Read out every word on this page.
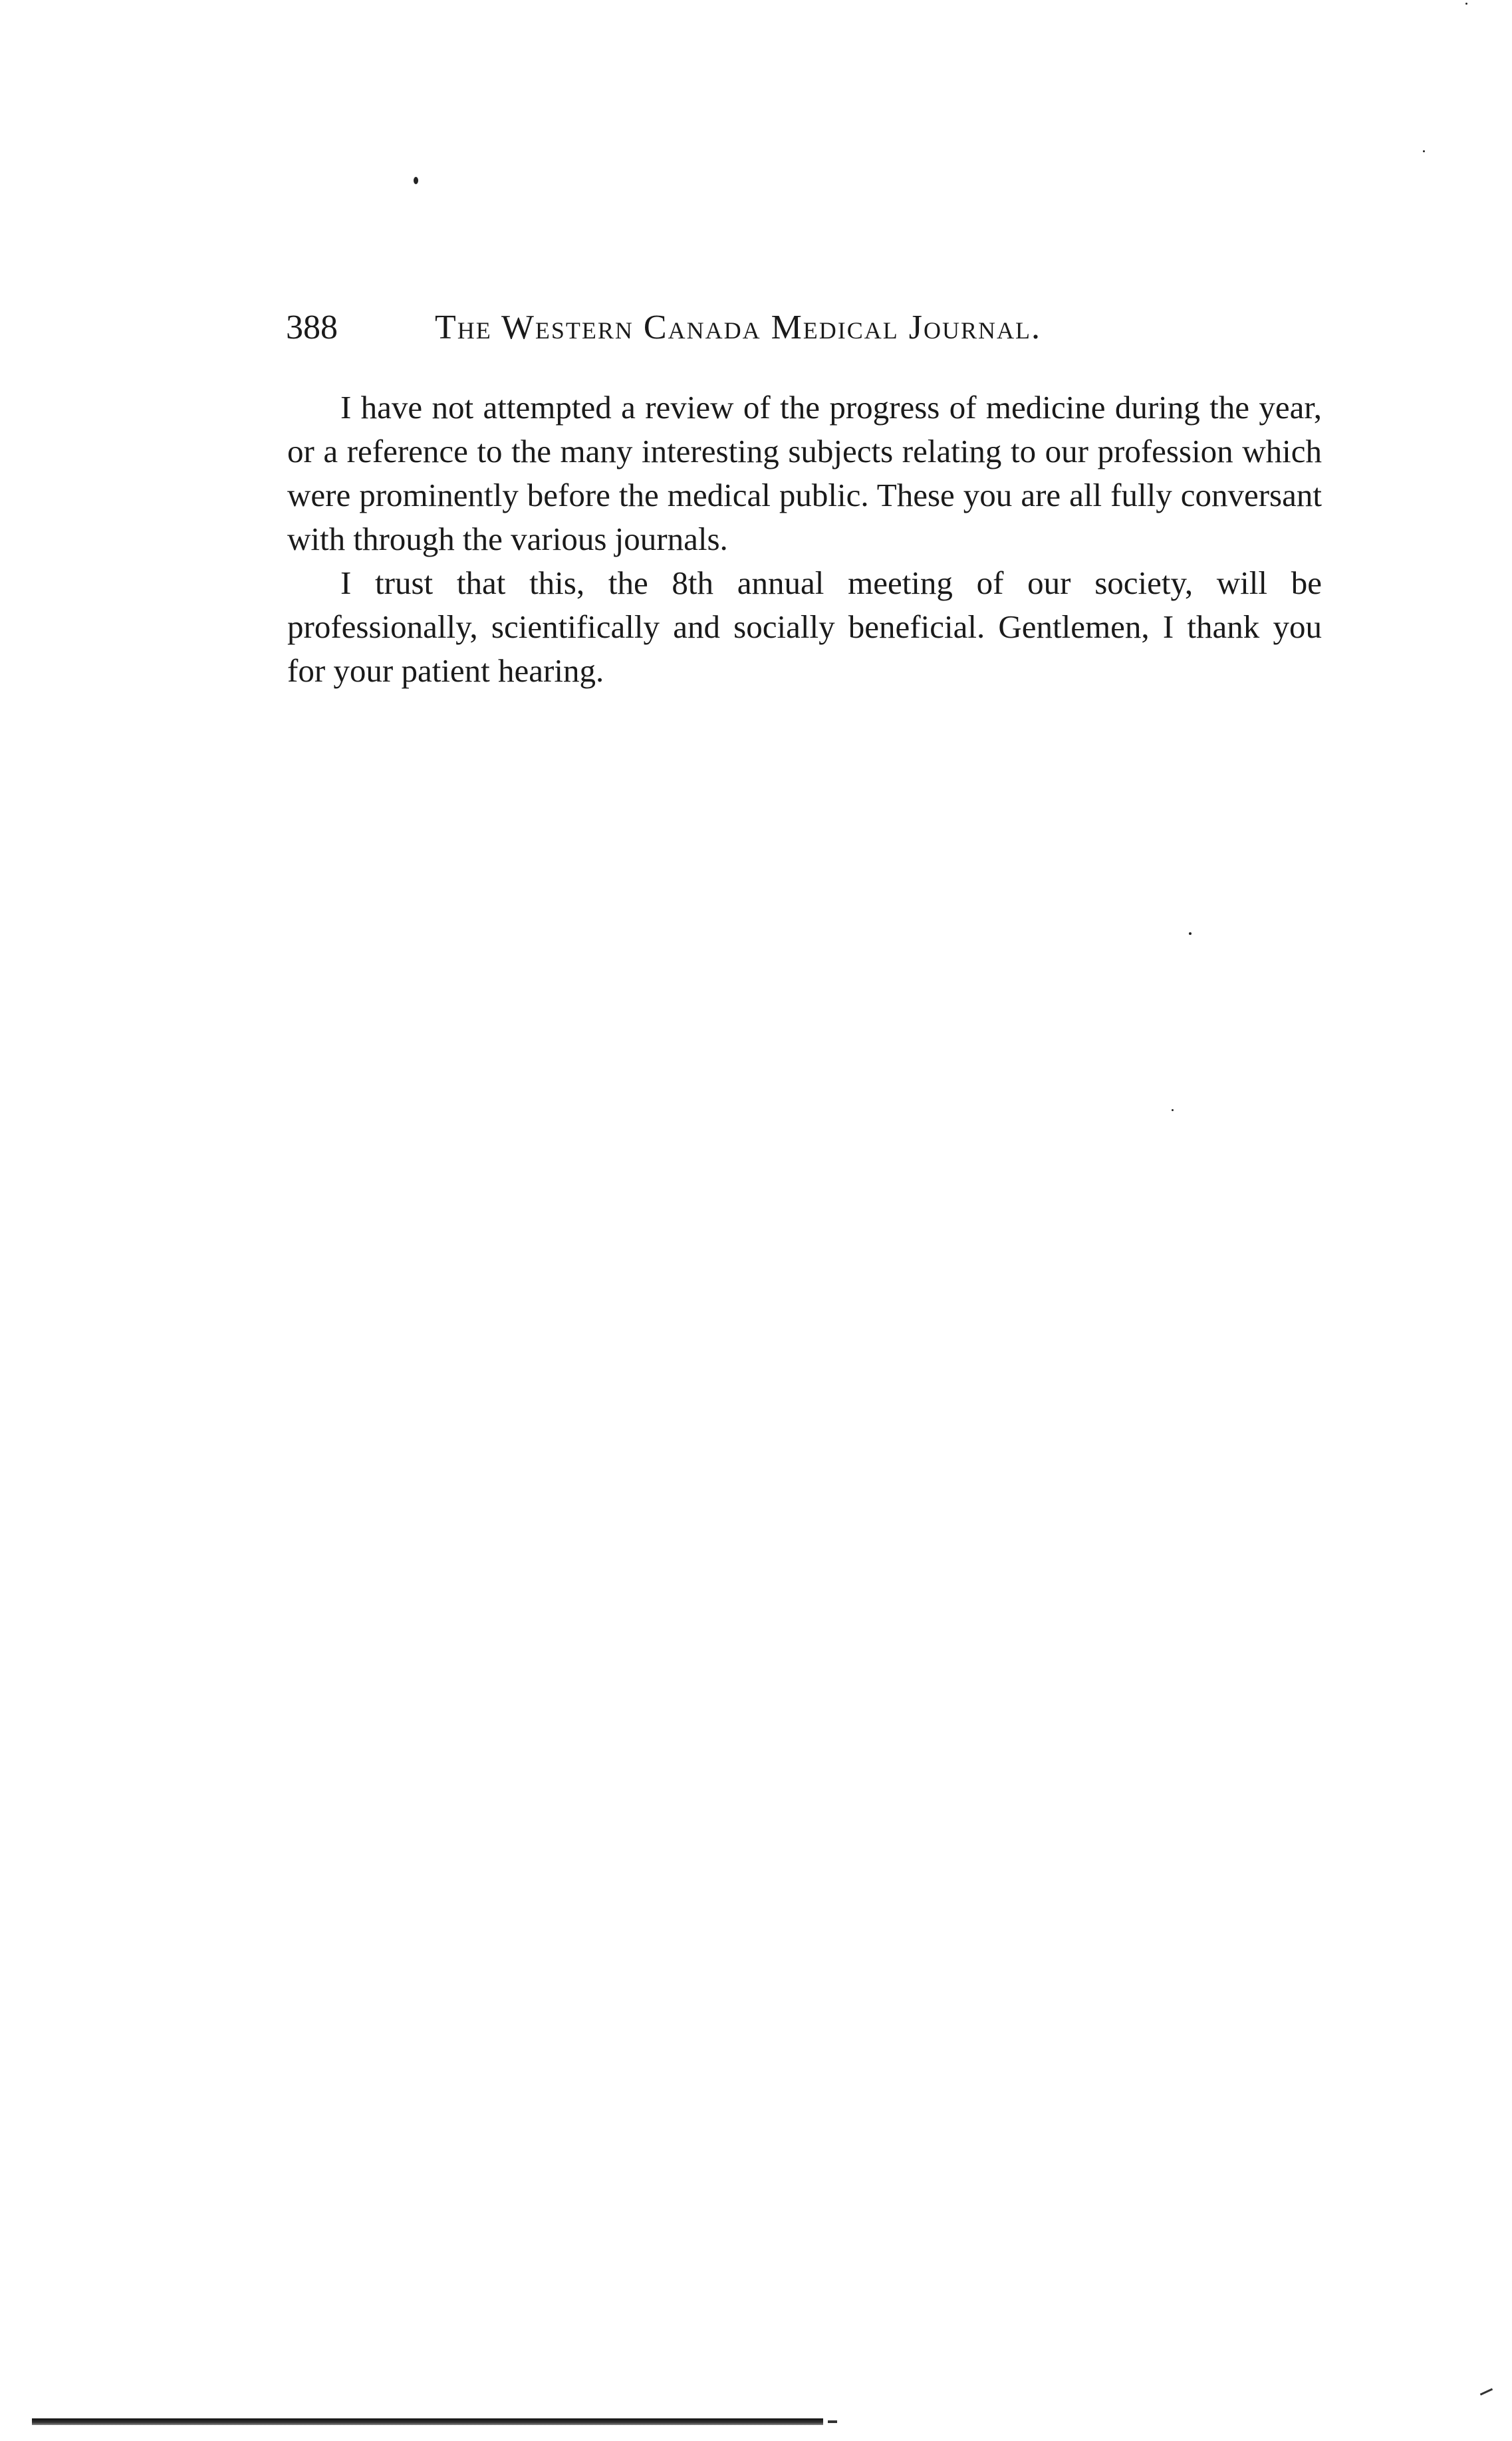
388	The Western Canada Medical Journal.

I have not attempted a review of the progress of medicine during the year, or a reference to the many interesting subjects relating to our profession which were prominently before the medical public. These you are all fully conversant with through the various journals.

I trust that this, the 8th annual meeting of our society, will be professionally, scientifically and socially beneficial. Gentlemen, I thank you for your patient hearing.
